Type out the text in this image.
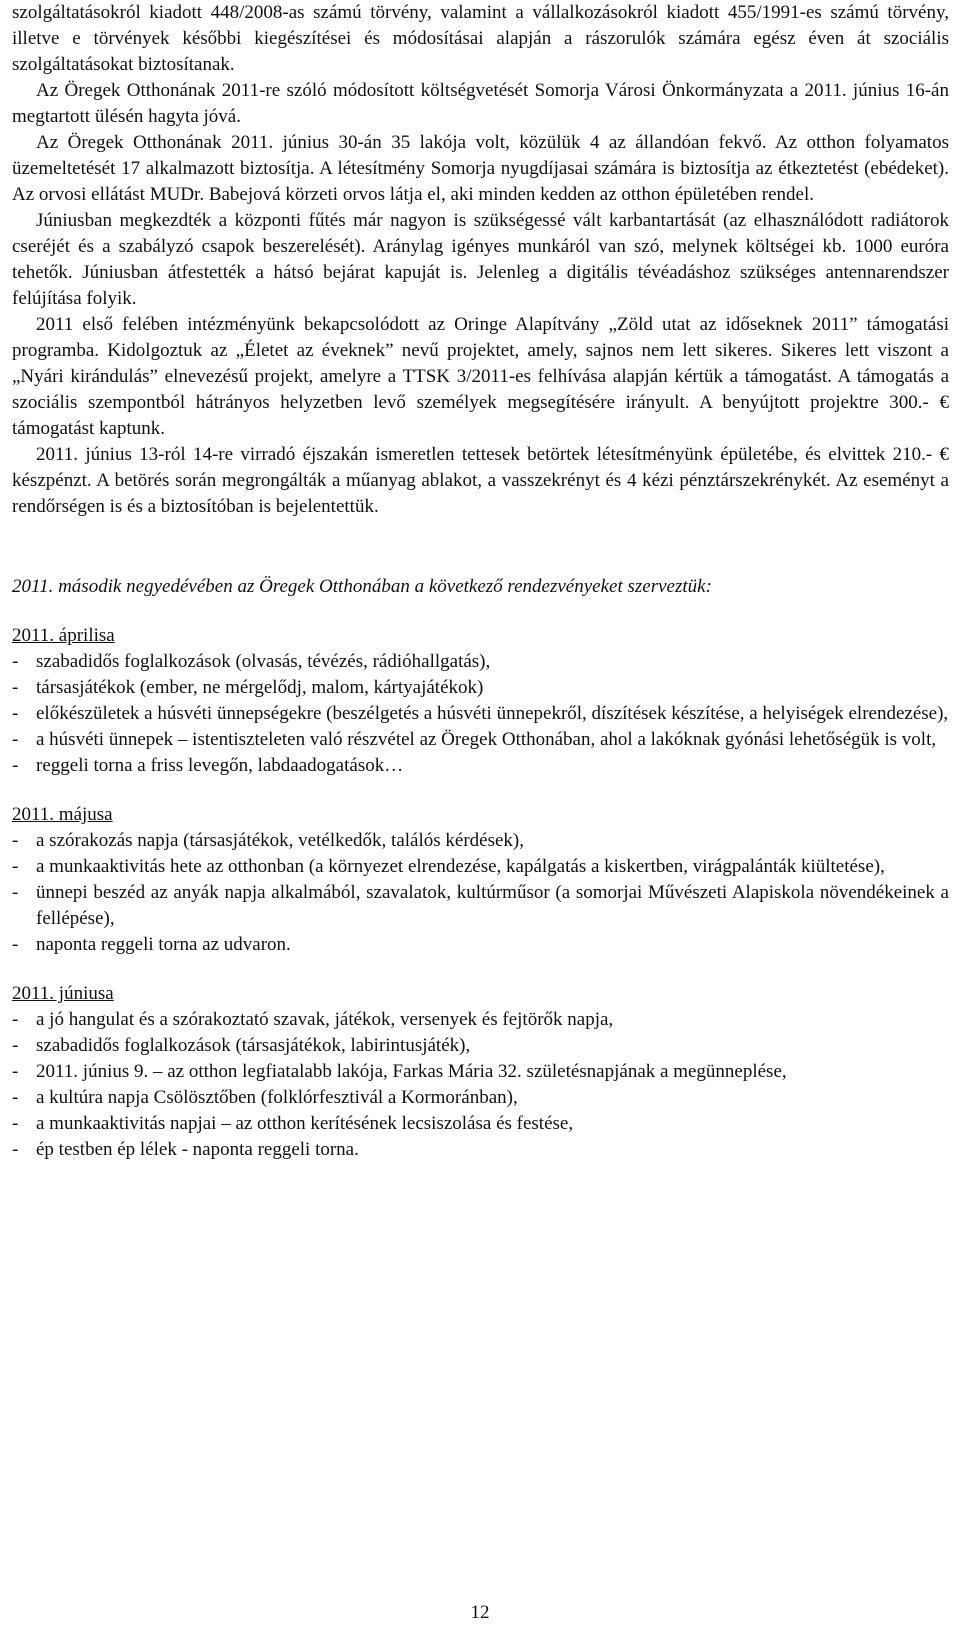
szolgáltatásokról kiadott 448/2008-as számú törvény, valamint a vállalkozásokról kiadott 455/1991-es számú törvény, illetve e törvények későbbi kiegészítései és módosításai alapján a rászorulók számára egész éven át szociális szolgáltatásokat biztosítanak.

Az Öregek Otthonának 2011-re szóló módosított költségvetését Somorja Városi Önkormányzata a 2011. június 16-án megtartott ülésén hagyta jóvá.

Az Öregek Otthonának 2011. június 30-án 35 lakója volt, közülük 4 az állandóan fekvő. Az otthon folyamatos üzemeltetését 17 alkalmazott biztosítja. A létesítmény Somorja nyugdíjasai számára is biztosítja az étkeztetést (ebédeket). Az orvosi ellátást MUDr. Babejová körzeti orvos látja el, aki minden kedden az otthon épületében rendel.

Júniusban megkezdték a központi fűtés már nagyon is szükségessé vált karbantartását (az elhasználódott radiátorok cseréjét és a szabályzó csapok beszerelését). Aránylag igényes munkáról van szó, melynek költségei kb. 1000 euróra tehetők. Júniusban átfestették a hátsó bejárat kapuját is. Jelenleg a digitális tévéadáshoz szükséges antennarendszer felújítása folyik.

2011 első felében intézményünk bekapcsolódott az Oringe Alapítvány „Zöld utat az időseknek 2011” támogatási programba. Kidolgoztuk az „Életet az éveknek” nevű projektet, amely, sajnos nem lett sikeres. Sikeres lett viszont a „Nyári kirándulás” elnevezésű projekt, amelyre a TTSK 3/2011-es felhívása alapján kértük a támogatást. A támogatás a szociális szempontból hátrányos helyzetben levő személyek megsegítésére irányult. A benyújtott projektre 300.- € támogatást kaptunk.

2011. június 13-ról 14-re virradó éjszakán ismeretlen tettesek betörtek létesítményünk épületébe, és elvittek 210.- € készpénzt. A betörés során megrongálták a műanyag ablakot, a vasszekrényt és 4 kézi pénztárszekrénykét. Az eseményt a rendőrségen is és a biztosítóban is bejelentettük.

2011. második negyedévében az Öregek Otthonában a következő rendezvényeket szerveztük:

2011. áprilisa
- szabadidős foglalkozások (olvasás, tévézés, rádióhallgatás),
- társasjátékok (ember, ne mérgelődj, malom, kártyajátékok)
- előkészületek a húsvéti ünnepségekre (beszélgetés a húsvéti ünnepekről, díszítések készítése, a helyiségek elrendezése),
- a húsvéti ünnepek – istentiszteleten való részvétel az Öregek Otthonában, ahol a lakóknak gyónási lehetőségük is volt,
- reggeli torna a friss levegőn, labdaadogatások…
2011. májusa
- a szórakozás napja (társasjátékok, vetélkedők, találós kérdések),
- a munkaaktivitás hete az otthonban (a környezet elrendezése, kapálgatás a kiskertben, virágpalánták kiültetése),
- ünnepi beszéd az anyák napja alkalmából, szavalatok, kultúrműsor (a somorjai Művészeti Alapiskola növendékeinek a fellépése),
- naponta reggeli torna az udvaron.
2011. júniusa
- a jó hangulat és a szórakoztató szavak, játékok, versenyek és fejtörők napja,
- szabadidős foglalkozások (társasjátékok, labirintusjáték),
- 2011. június 9. – az otthon legfiatalabb lakója, Farkas Mária 32. születésnapjának a megünneplése,
- a kultúra napja Csölösztőben (folklórfesztivál a Kormoránban),
- a munkaaktivitás napjai – az otthon kerítésének lecsiszolása és festése,
- ép testben ép lélek - naponta reggeli torna.
12
